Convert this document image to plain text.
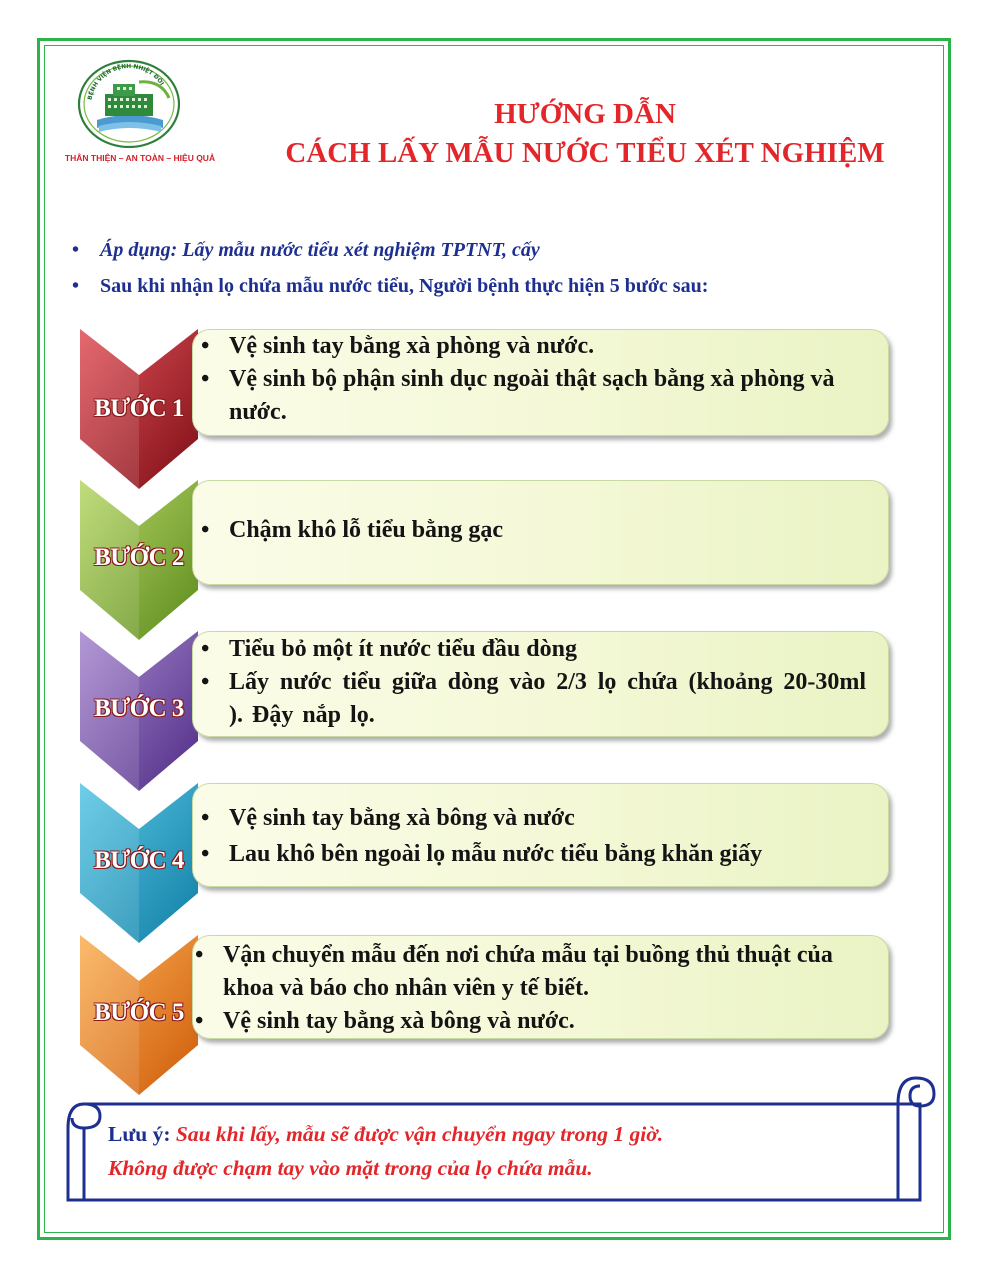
BỆNH VIỆN BỆNH NHIỆT ĐỚI
THÂN THIỆN – AN TOÀN – HIỆU QUẢ
HƯỚNG DẪN
CÁCH LẤY MẪU NƯỚC TIỂU XÉT NGHIỆM
• Áp dụng: Lấy mẫu nước tiểu xét nghiệm TPTNT, cấy
• Sau khi nhận lọ chứa mẫu nước tiểu, Người bệnh thực hiện 5 bước sau:
BƯỚC 1
• Vệ sinh tay bằng xà phòng và nước.
• Vệ sinh bộ phận sinh dục ngoài thật sạch bằng xà phòng và nước.
BƯỚC 2
• Chậm khô lỗ tiểu bằng gạc
BƯỚC 3
• Tiểu bỏ một ít nước tiểu đầu dòng
• Lấy nước tiểu giữa dòng vào 2/3 lọ chứa (khoảng 20-30ml ). Đậy nắp lọ.
BƯỚC 4
• Vệ sinh tay bằng xà bông và nước
• Lau khô bên ngoài lọ mẫu nước tiểu bằng khăn giấy
BƯỚC 5
• Vận chuyển mẫu đến nơi chứa mẫu tại buồng thủ thuật của khoa và báo cho nhân viên y tế biết.
• Vệ sinh tay bằng xà bông và nước.
Lưu ý: Sau khi lấy, mẫu sẽ được vận chuyển ngay trong 1 giờ.
Không được chạm tay vào mặt trong của lọ chứa mẫu.
